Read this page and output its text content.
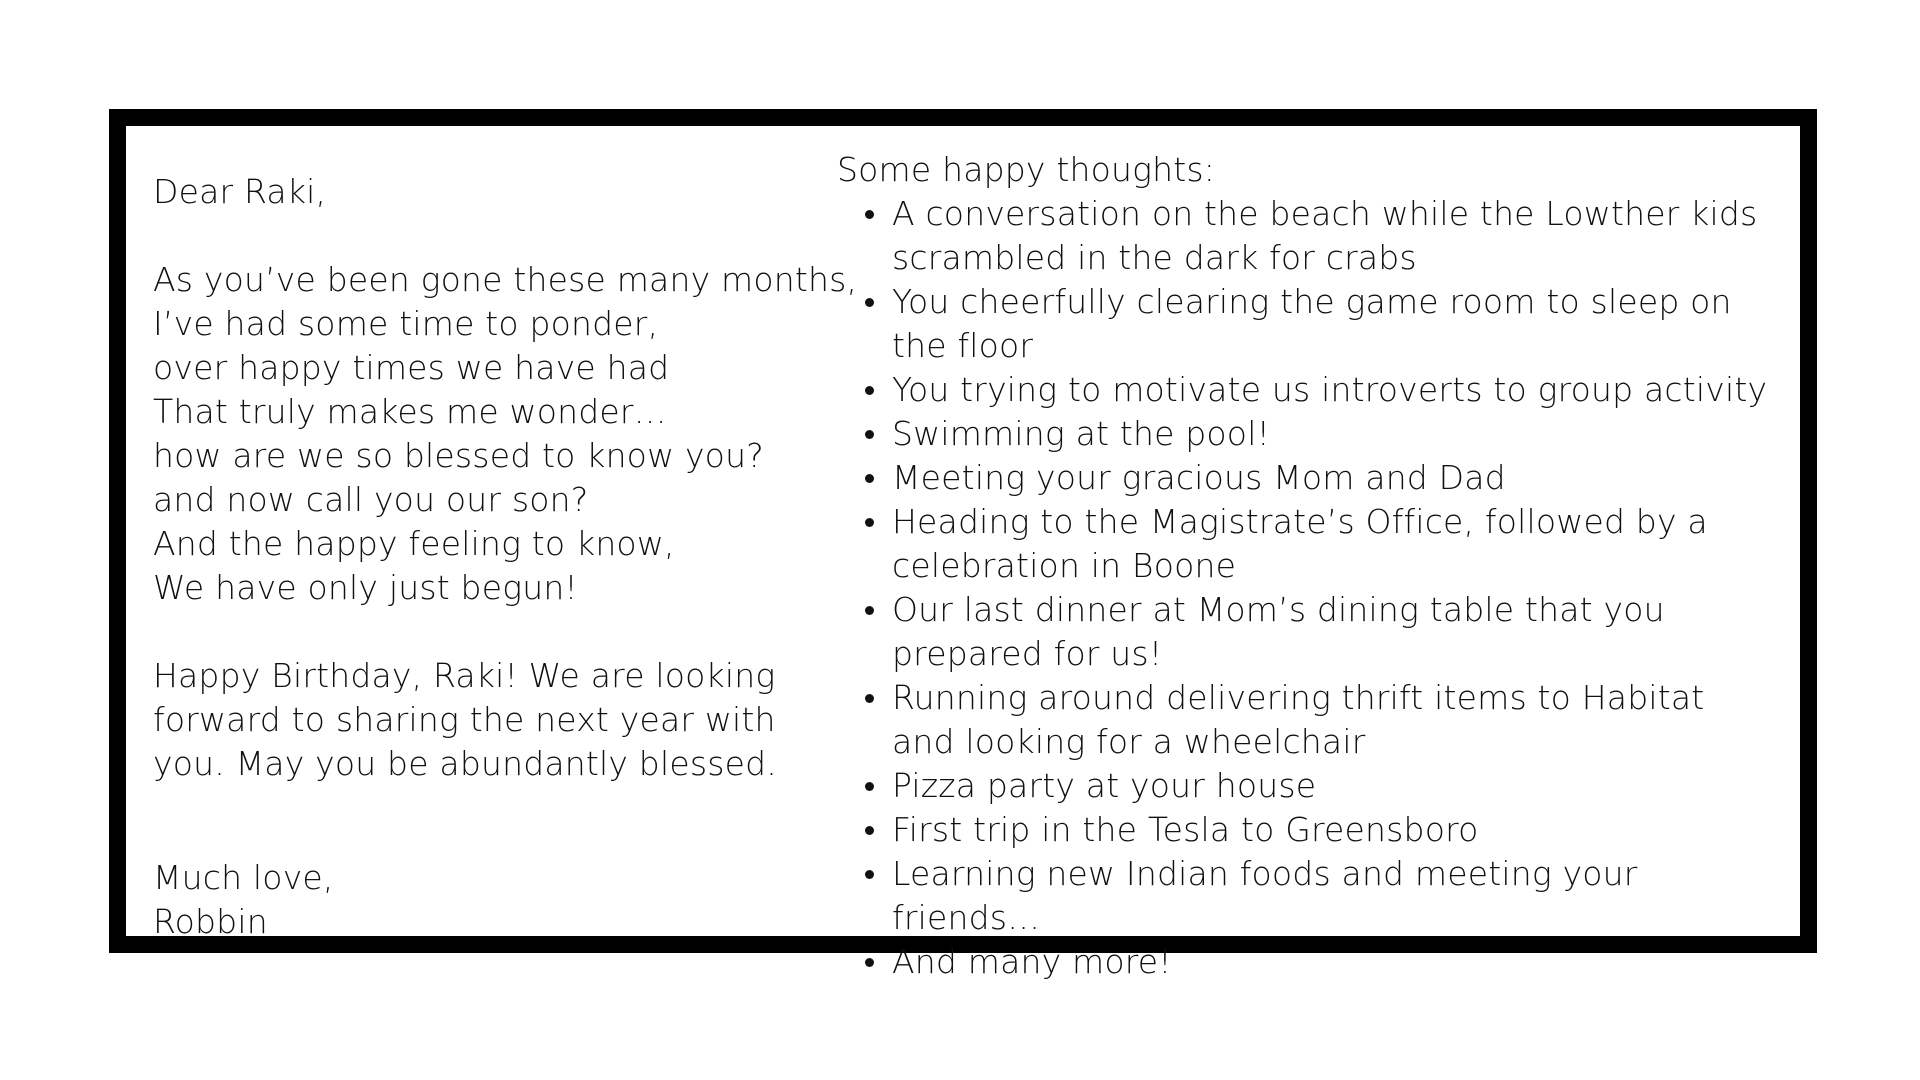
Dear Raki,
As you’ve been gone these many months,
I’ve had some time to ponder,
over happy times we have had
That truly makes me wonder…
how are we so blessed to know you?
and now call you our son?
And the happy feeling to know,
We have only just begun!
Happy Birthday, Raki! We are looking
forward to sharing the next year with
you. May you be abundantly blessed.
Much love,
Robbin
Some happy thoughts:
A conversation on the beach while the Lowther kids scrambled in the dark for crabs
You cheerfully clearing the game room to sleep on the floor
You trying to motivate us introverts to group activity
Swimming at the pool!
Meeting your gracious Mom and Dad
Heading to the Magistrate’s Office, followed by a celebration in Boone
Our last dinner at Mom’s dining table that you prepared for us!
Running around delivering thrift items to Habitat and looking for a wheelchair
Pizza party at your house
First trip in the Tesla to Greensboro
Learning new Indian foods and meeting your friends…
And many more!
